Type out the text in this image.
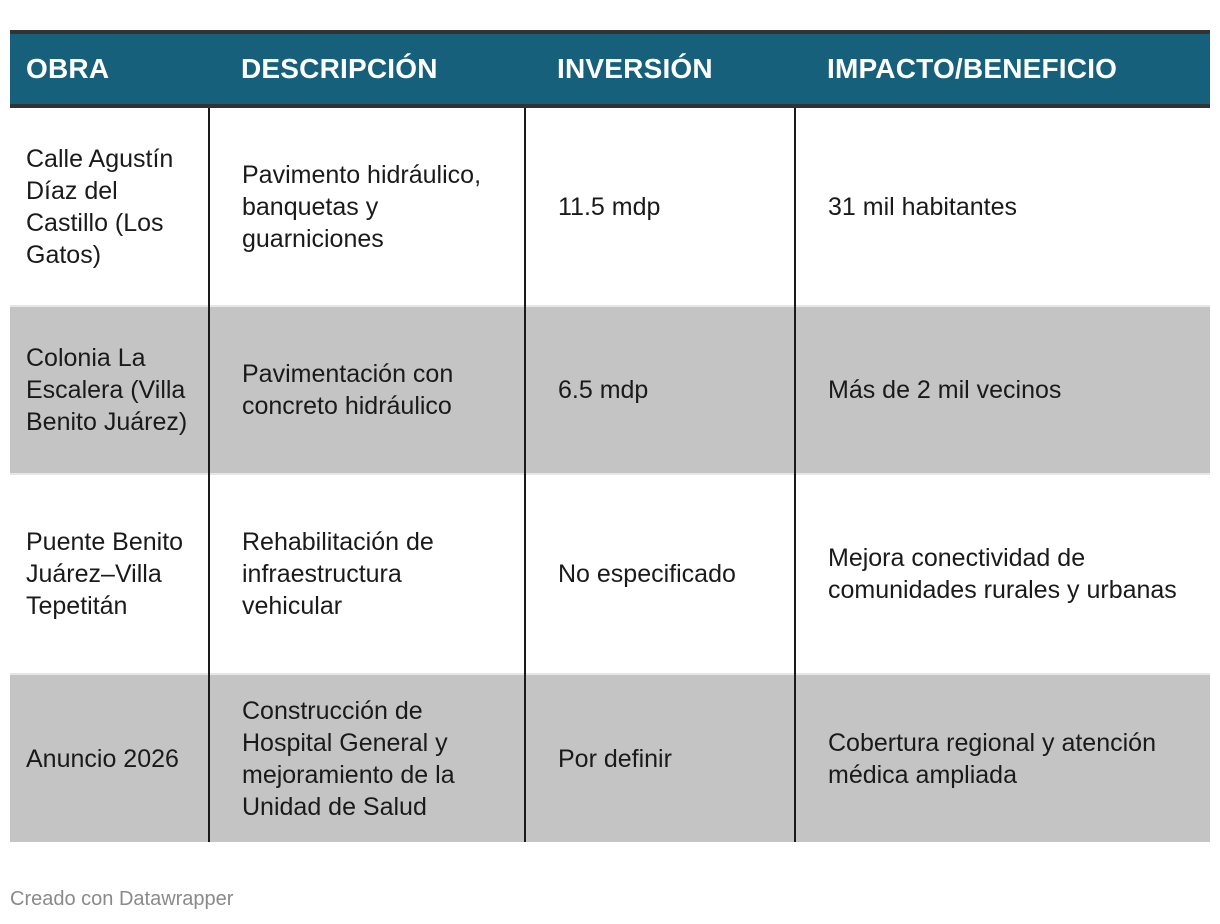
OBRA	DESCRIPCIÓN	INVERSIÓN	IMPACTO/BENEFICIO
Calle Agustín Díaz del Castillo (Los Gatos)	Pavimento hidráulico, banquetas y guarniciones	11.5 mdp	31 mil habitantes
Colonia La Escalera (Villa Benito Juárez)	Pavimentación con concreto hidráulico	6.5 mdp	Más de 2 mil vecinos
Puente Benito Juárez–Villa Tepetitán	Rehabilitación de infraestructura vehicular	No especificado	Mejora conectividad de comunidades rurales y urbanas
Anuncio 2026	Construcción de Hospital General y mejoramiento de la Unidad de Salud	Por definir	Cobertura regional y atención médica ampliada
Creado con Datawrapper
